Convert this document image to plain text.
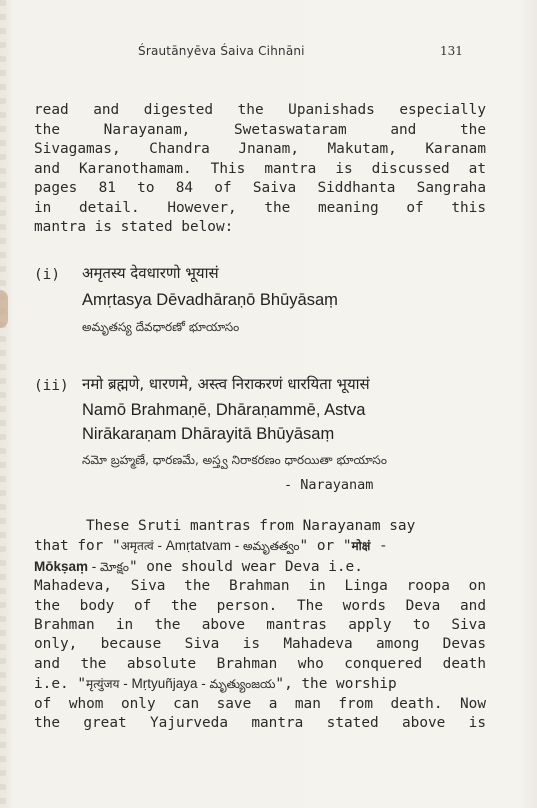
Śrautānyēva Śaiva Cihnāni	131
read and digested the Upanishads especially
the Narayanam, Swetaswataram and the
Sivagamas, Chandra Jnanam, Makutam, Karanam
and Karanothamam. This mantra is discussed at
pages 81 to 84 of Saiva Siddhanta Sangraha
in detail. However, the meaning of this
mantra is stated below:
(i) अमृतस्य देवधारणो भूयासं
Amṛtasya Dēvadhāraṇō Bhūyāsaṃ
అమృతస్య దేవధారణో భూయాసం
(ii) नमो ब्रह्मणे, धारणमे, अस्त्व निराकरणं धारयिता भूयासं
Namō Brahmaṇē, Dhāraṇammē, Astva
Nirākaraṇam Dhārayitā Bhūyāsaṃ
నమో బ్రహ్మణే, ధారణమే, అస్త్వ నిరాకరణం ధారయితా భూయాసం
- Narayanam
These Sruti mantras from Narayanam say
that for "अमृतत्वं - Amṛtatvam - అమృతత్వం" or "मोक्षं -
Mōkṣaṃ - మోక్షం" one should wear Deva i.e.
Mahadeva, Siva the Brahman in Linga roopa on
the body of the person. The words Deva and
Brahman in the above mantras apply to Siva
only, because Siva is Mahadeva among Devas
and the absolute Brahman who conquered death
i.e. "मृत्युंजय - Mṛtyuñjaya - మృత్యుంజయ", the worship
of whom only can save a man from death. Now
the great Yajurveda mantra stated above is
